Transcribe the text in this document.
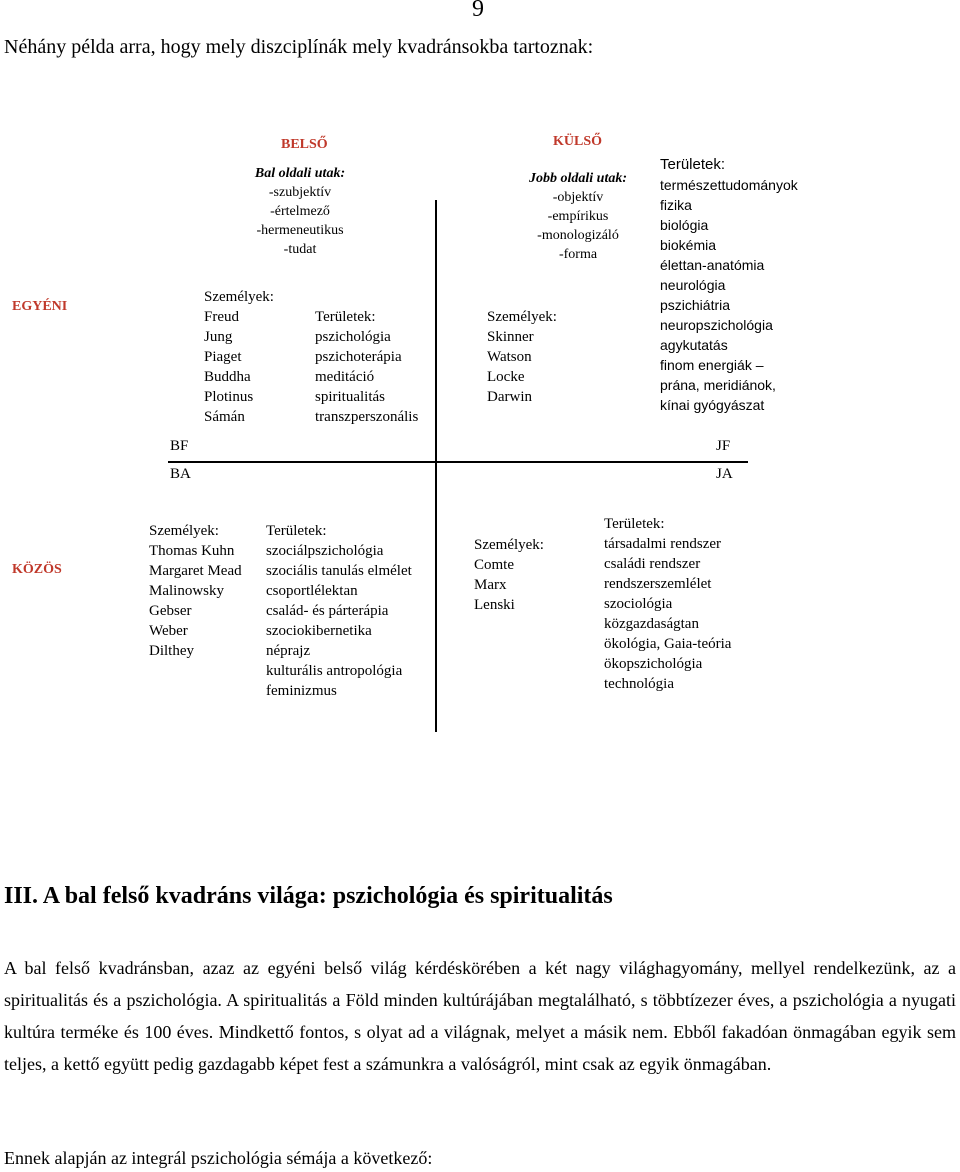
9
Néhány példa arra, hogy mely diszciplínák mely kvadránsokba tartoznak:
BELSŐ	KÜLSŐ
EGYÉNI
KÖZÖS
Bal oldali utak:
-szubjektív
-értelmező
-hermeneutikus
-tudat
Jobb oldali utak:
-objektív
-empírikus
-monologizáló
-forma
Személyek:
Freud
Jung
Piaget
Buddha
Plotinus
Sámán
Területek:
pszichológia
pszichoterápia
meditáció
spiritualitás
transzperszonális
Személyek:
Skinner
Watson
Locke
Darwin
Területek:
természettudományok
fizika
biológia
biokémia
élettan-anatómia
neurológia
pszichiátria
neuropszichológia
agykutatás
finom energiák –
prána, meridiánok,
kínai gyógyászat
BF	JF
BA	JA
Személyek:
Thomas Kuhn
Margaret Mead
Malinowsky
Gebser
Weber
Dilthey
Területek:
szociálpszichológia
szociális tanulás elmélet
csoportlélektan
család- és párterápia
szociokibernetika
néprajz
kulturális antropológia
feminizmus
Személyek:
Comte
Marx
Lenski
Területek:
társadalmi rendszer
családi rendszer
rendszerszemlélet
szociológia
közgazdaságtan
ökológia, Gaia-teória
ökopszichológia
technológia
III. A bal felső kvadráns világa: pszichológia és spiritualitás
A bal felső kvadránsban, azaz az egyéni belső világ kérdéskörében a két nagy világhagyomány, mellyel rendelkezünk, az a spiritualitás és a pszichológia. A spiritualitás a Föld minden kultúrájában megtalálható, s többtízezer éves, a pszichológia a nyugati kultúra terméke és 100 éves. Mindkettő fontos, s olyat ad a világnak, melyet a másik nem. Ebből fakadóan önmagában egyik sem teljes, a kettő együtt pedig gazdagabb képet fest a számunkra a valóságról, mint csak az egyik önmagában.
Ennek alapján az integrál pszichológia sémája a következő:
